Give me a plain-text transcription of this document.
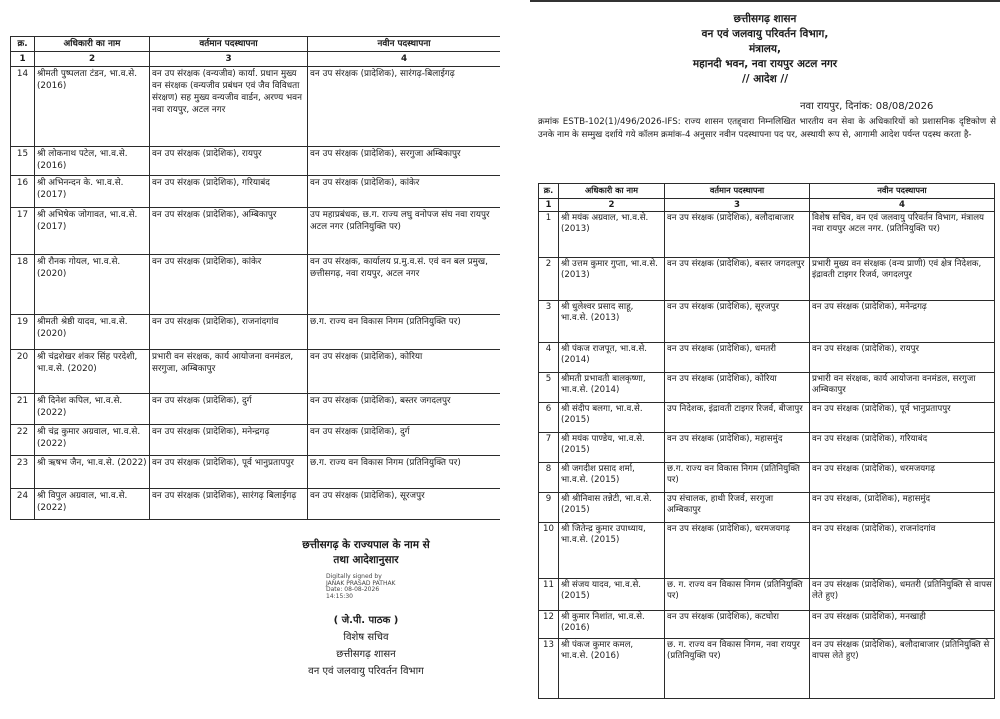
क्र.	अधिकारी का नाम	वर्तमान पदस्थापना	नवीन पदस्थापना
1	2	3	4
14	श्रीमती पुष्पलता टंडन, भा.व.से. (2016)	वन उप संरक्षक (वन्यजीव) कार्या. प्रधान मुख्य वन संरक्षक (वन्यजीव प्रबंधन एवं जैव विविधता संरक्षण) सह मुख्य वन्यजीव वार्डन, अरण्य भवन नवा रायपुर, अटल नगर	वन उप संरक्षक (प्रादेशिक), सारंगढ़-बिलाईगढ़
15	श्री लोकनाथ पटेल, भा.व.से. (2016)	वन उप संरक्षक (प्रादेशिक), रायपुर	वन उप संरक्षक (प्रादेशिक), सरगुजा अम्बिकापुर
16	श्री अभिनन्दन के. भा.व.से. (2017)	वन उप संरक्षक (प्रादेशिक), गरियाबंद	वन उप संरक्षक (प्रादेशिक), कांकेर
17	श्री अभिषेक जोगावत, भा.व.से. (2017)	वन उप संरक्षक (प्रादेशिक), अम्बिकापुर	उप महाप्रबंधक, छ.ग. राज्य लघु वनोपज संघ नवा रायपुर अटल नगर (प्रतिनियुक्ति पर)
18	श्री रौनक गोयल, भा.व.से. (2020)	वन उप संरक्षक (प्रादेशिक), कांकेर	वन उप संरक्षक, कार्यालय प्र.मु.व.सं. एवं वन बल प्रमुख, छत्तीसगढ़, नवा रायपुर, अटल नगर
19	श्रीमती श्रेष्ठी यादव, भा.व.से. (2020)	वन उप संरक्षक (प्रादेशिक), राजनांदगांव	छ.ग. राज्य वन विकास निगम (प्रतिनियुक्ति पर)
20	श्री चंद्रशेखर शंकर सिंह परदेशी, भा.व.से. (2020)	प्रभारी वन संरक्षक, कार्य आयोजना वनमंडल, सरगुजा, अम्बिकापुर	वन उप संरक्षक (प्रादेशिक), कोरिया
21	श्री दिनेश कपिल, भा.व.से. (2022)	वन उप संरक्षक (प्रादेशिक), दुर्ग	वन उप संरक्षक (प्रादेशिक), बस्तर जगदलपुर
22	श्री चंद्र कुमार अग्रवाल, भा.व.से. (2022)	वन उप संरक्षक (प्रादेशिक), मनेन्द्रगढ़	वन उप संरक्षक (प्रादेशिक), दुर्ग
23	श्री ऋषभ जैन, भा.व.से. (2022)	वन उप संरक्षक (प्रादेशिक), पूर्व भानुप्रतापपुर	छ.ग. राज्य वन विकास निगम (प्रतिनियुक्ति पर)
24	श्री विपुल अग्रवाल, भा.व.से. (2022)	वन उप संरक्षक (प्रादेशिक), सारंगढ़ बिलाईगढ़	वन उप संरक्षक (प्रादेशिक), सूरजपुर
छत्तीसगढ़ के राज्यपाल के नाम से
तथा आदेशानुसार
Digitally signed by
JANAK PRASAD PATHAK
Date: 08-08-2026
14:15:30
( जे.पी. पाठक )
विशेष सचिव
छत्तीसगढ़ शासन
वन एवं जलवायु परिवर्तन विभाग
छत्तीसगढ़ शासन
वन एवं जलवायु परिवर्तन विभाग,
मंत्रालय,
महानदी भवन, नवा रायपुर अटल नगर
// आदेश //
नवा रायपुर, दिनांक: 08/08/2026
क्रमांक ESTB-102(1)/496/2026-IFS: राज्य शासन एतद्द्वारा निम्नलिखित भारतीय वन सेवा के अधिकारियों को प्रशासनिक दृष्टिकोण से उनके नाम के सम्मुख दर्शाये गये कॉलम क्रमांक-4 अनुसार नवीन पदस्थापना पद पर, अस्थायी रूप से, आगामी आदेश पर्यन्त पदस्थ करता है-
क्र.	अधिकारी का नाम	वर्तमान पदस्थापना	नवीन पदस्थापना
1	2	3	4
1	श्री मयंक अग्रवाल, भा.व.से. (2013)	वन उप संरक्षक (प्रादेशिक), बलौदाबाजार	विशेष सचिव, वन एवं जलवायु परिवर्तन विभाग, मंत्रालय नवा रायपुर अटल नगर. (प्रतिनियुक्ति पर)
2	श्री उत्तम कुमार गुप्ता, भा.व.से. (2013)	वन उप संरक्षक (प्रादेशिक), बस्तर जगदलपुर	प्रभारी मुख्य वन संरक्षक (वन्य प्राणी) एवं क्षेत्र निदेशक, इंद्रावती टाइगर रिजर्व, जगदलपुर
3	श्री धुलेश्वर प्रसाद साहू, भा.व.से. (2013)	वन उप संरक्षक (प्रादेशिक), सूरजपुर	वन उप संरक्षक (प्रादेशिक), मनेन्द्रगढ़
4	श्री पंकज राजपूत, भा.व.से. (2014)	वन उप संरक्षक (प्रादेशिक), धमतरी	वन उप संरक्षक (प्रादेशिक), रायपुर
5	श्रीमती प्रभावती बालकृष्णा, भा.व.से. (2014)	वन उप संरक्षक (प्रादेशिक), कोरिया	प्रभारी वन संरक्षक, कार्य आयोजना वनमंडल, सरगुजा अम्बिकापुर
6	श्री संदीप बलगा, भा.व.से. (2015)	उप निदेशक, इंद्रावती टाइगर रिजर्व, बीजापुर	वन उप संरक्षक (प्रादेशिक), पूर्व भानुप्रतापपुर
7	श्री मयंक पाण्डेय, भा.व.से. (2015)	वन उप संरक्षक (प्रादेशिक), महासमुंद	वन उप संरक्षक (प्रादेशिक), गरियाबंद
8	श्री जगदीश प्रसाद शर्मा, भा.व.से. (2015)	छ.ग. राज्य वन विकास निगम (प्रतिनियुक्ति पर)	वन उप संरक्षक (प्रादेशिक), धरमजयगढ़
9	श्री श्रीनिवास तन्नेटी, भा.व.से. (2015)	उप संचालक, हाथी रिजर्व, सरगुजा अम्बिकापुर	वन उप संरक्षक, (प्रादेशिक), महासमुंद
10	श्री जितेन्द्र कुमार उपाध्याय, भा.व.से. (2015)	वन उप संरक्षक (प्रादेशिक), धरमजयगढ़	वन उप संरक्षक (प्रादेशिक), राजनांदगांव
11	श्री संजय यादव, भा.व.से. (2015)	छ. ग. राज्य वन विकास निगम (प्रतिनियुक्ति पर)	वन उप संरक्षक (प्रादेशिक), धमतरी (प्रतिनियुक्ति से वापस लेते हुए)
12	श्री कुमार निशांत, भा.व.से. (2016)	वन उप संरक्षक (प्रादेशिक), कटघोरा	वन उप संरक्षक (प्रादेशिक), मनखाही
13	श्री पंकज कुमार कमल, भा.व.से. (2016)	छ. ग. राज्य वन विकास निगम, नवा रायपुर (प्रतिनियुक्ति पर)	वन उप संरक्षक (प्रादेशिक), बलौदाबाजार (प्रतिनियुक्ति से वापस लेते हुए)
